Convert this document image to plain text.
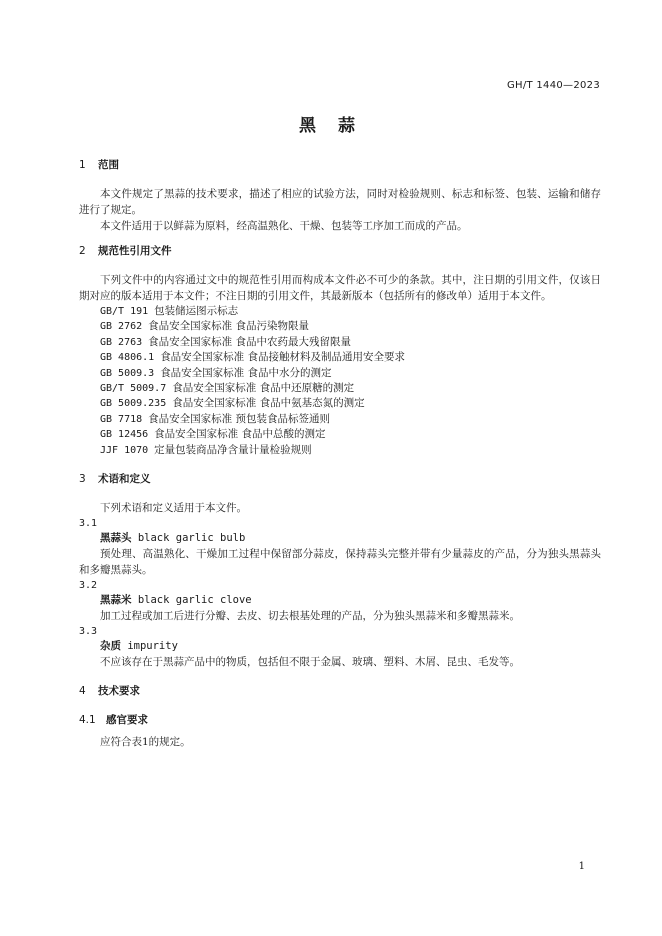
GH/T 1440—2023
黑 蒜
1 范围
本文件规定了黑蒜的技术要求，描述了相应的试验方法，同时对检验规则、标志和标签、包装、运输和储存进行了规定。
本文件适用于以鲜蒜为原料，经高温熟化、干燥、包装等工序加工而成的产品。
2 规范性引用文件
下列文件中的内容通过文中的规范性引用而构成本文件必不可少的条款。其中，注日期的引用文件，仅该日期对应的版本适用于本文件；不注日期的引用文件，其最新版本（包括所有的修改单）适用于本文件。
GB/T 191 包装储运图示标志
GB 2762 食品安全国家标准 食品污染物限量
GB 2763 食品安全国家标准 食品中农药最大残留限量
GB 4806.1 食品安全国家标准 食品接触材料及制品通用安全要求
GB 5009.3 食品安全国家标准 食品中水分的测定
GB/T 5009.7 食品安全国家标准 食品中还原糖的测定
GB 5009.235 食品安全国家标准 食品中氨基态氮的测定
GB 7718 食品安全国家标准 预包装食品标签通则
GB 12456 食品安全国家标准 食品中总酸的测定
JJF 1070 定量包装商品净含量计量检验规则
3 术语和定义
下列术语和定义适用于本文件。
3.1
黑蒜头 black garlic bulb
预处理、高温熟化、干燥加工过程中保留部分蒜皮，保持蒜头完整并带有少量蒜皮的产品，分为独头黑蒜头和多瓣黑蒜头。
3.2
黑蒜米 black garlic clove
加工过程或加工后进行分瓣、去皮、切去根基处理的产品，分为独头黑蒜米和多瓣黑蒜米。
3.3
杂质 impurity
不应该存在于黑蒜产品中的物质，包括但不限于金属、玻璃、塑料、木屑、昆虫、毛发等。
4 技术要求
4.1 感官要求
应符合表1的规定。
1
